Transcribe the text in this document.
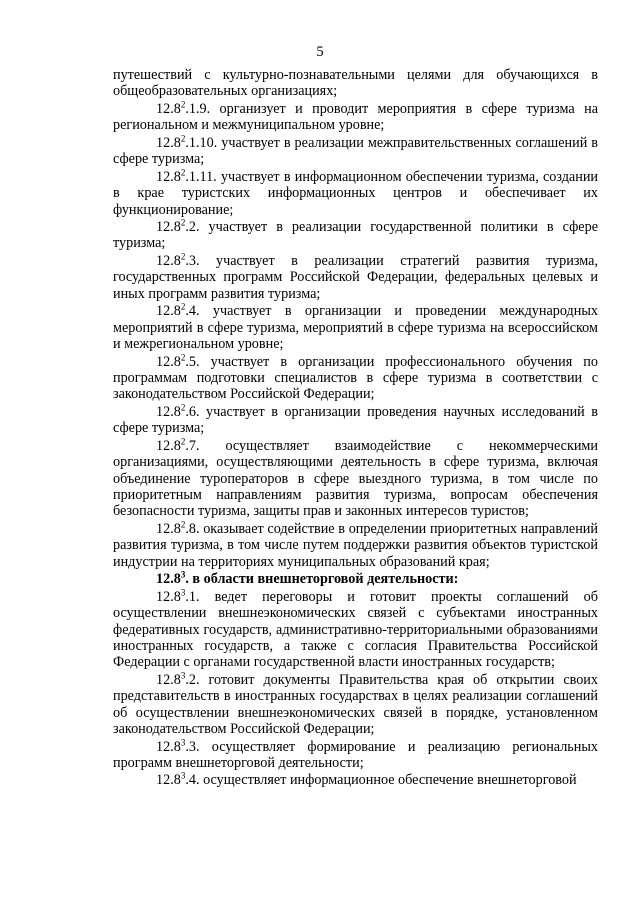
5

путешествий с культурно-познавательными целями для обучающихся в общеобразовательных организациях;

12.8$^2$.1.9. организует и проводит мероприятия в сфере туризма на региональном и межмуниципальном уровне;

12.8$^2$.1.10. участвует в реализации межправительственных соглашений в сфере туризма;

12.8$^2$.1.11. участвует в информационном обеспечении туризма, создании в крае туристских информационных центров и обеспечивает их функционирование;

12.8$^2$.2. участвует в реализации государственной политики в сфере туризма;

12.8$^2$.3. участвует в реализации стратегий развития туризма, государственных программ Российской Федерации, федеральных целевых и иных программ развития туризма;

12.8$^2$.4. участвует в организации и проведении международных мероприятий в сфере туризма, мероприятий в сфере туризма на всероссийском и межрегиональном уровне;

12.8$^2$.5. участвует в организации профессионального обучения по программам подготовки специалистов в сфере туризма в соответствии с законодательством Российской Федерации;

12.8$^2$.6. участвует в организации проведения научных исследований в сфере туризма;

12.8$^2$.7. осуществляет взаимодействие с некоммерческими организациями, осуществляющими деятельность в сфере туризма, включая объединение туроператоров в сфере выездного туризма, в том числе по приоритетным направлениям развития туризма, вопросам обеспечения безопасности туризма, защиты прав и законных интересов туристов;

12.8$^2$.8. оказывает содействие в определении приоритетных направлений развития туризма, в том числе путем поддержки развития объектов туристской индустрии на территориях муниципальных образований края;

12.8$^3$. в области внешнеторговой деятельности:

12.8$^3$.1. ведет переговоры и готовит проекты соглашений об осуществлении внешнеэкономических связей с субъектами иностранных федеративных государств, административно-территориальными образованиями иностранных государств, а также с согласия Правительства Российской Федерации с органами государственной власти иностранных государств;

12.8$^3$.2. готовит документы Правительства края об открытии своих представительств в иностранных государствах в целях реализации соглашений об осуществлении внешнеэкономических связей в порядке, установленном законодательством Российской Федерации;

12.8$^3$.3. осуществляет формирование и реализацию региональных программ внешнеторговой деятельности;

12.8$^3$.4. осуществляет информационное обеспечение внешнеторговой
